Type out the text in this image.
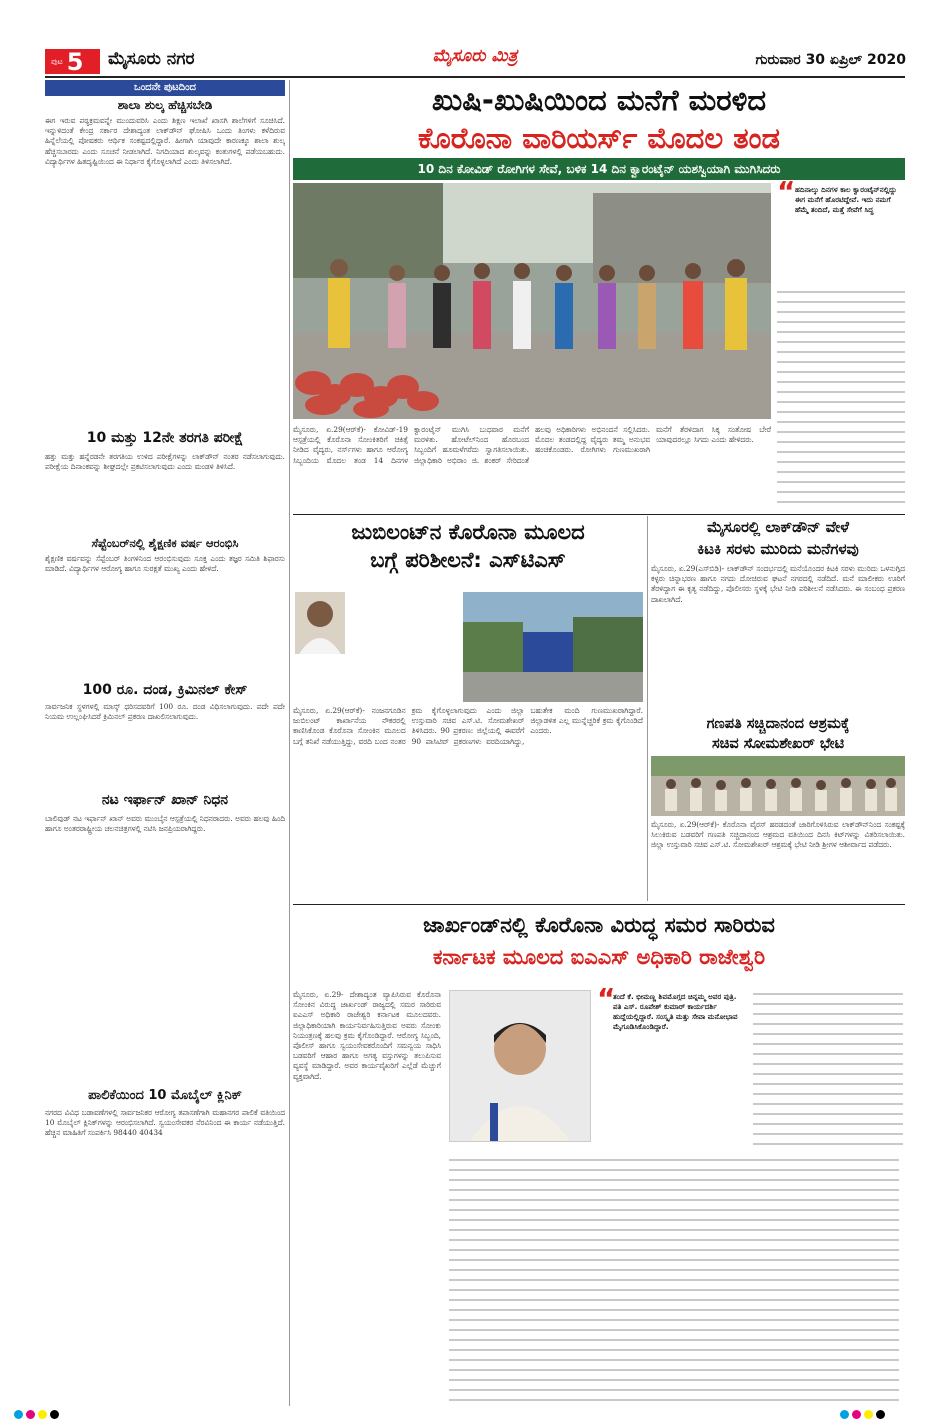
ಪುಟ 5 ಮೈಸೂರು ನಗರ	ಮೈಸೂರು ಮಿತ್ರ	ಗುರುವಾರ 30 ಏಪ್ರಿಲ್ 2020
ಒಂದನೇ ಪುಟದಿಂದ
ಶಾಲಾ ಶುಲ್ಕ ಹೆಚ್ಚಿಸಬೇಡಿ
ಈಗ ಇರುವ ಪಠ್ಯಕ್ರಮವನ್ನೇ ಮುಂದುವರಿಸಿ ಎಂದು ಶಿಕ್ಷಣ ಇಲಾಖೆ ಖಾಸಗಿ ಶಾಲೆಗಳಿಗೆ ಸೂಚಿಸಿದೆ. ಇನ್ನುಳಿದಂತೆ ಕೇಂದ್ರ ಸರ್ಕಾರ ದೇಶಾದ್ಯಂತ ಲಾಕ್‌ಡೌನ್ ಘೋಷಿಸಿ ಒಂದು ತಿಂಗಳು ಕಳೆದಿರುವ ಹಿನ್ನೆಲೆಯಲ್ಲಿ ಪೋಷಕರು ಆರ್ಥಿಕ ಸಂಕಷ್ಟದಲ್ಲಿದ್ದಾರೆ. ಹೀಗಾಗಿ ಯಾವುದೇ ಕಾರಣಕ್ಕೂ ಶಾಲಾ ಶುಲ್ಕ ಹೆಚ್ಚಿಸಬಾರದು ಎಂದು ಸೂಚನೆ ನೀಡಲಾಗಿದೆ. ನಿಗದಿಯಾದ ಶುಲ್ಕವನ್ನು ಕಂತುಗಳಲ್ಲಿ ಪಡೆಯಬಹುದು. ವಿದ್ಯಾರ್ಥಿಗಳ ಹಿತದೃಷ್ಟಿಯಿಂದ ಈ ನಿರ್ಧಾರ ಕೈಗೊಳ್ಳಲಾಗಿದೆ ಎಂದು ತಿಳಿಸಲಾಗಿದೆ.
10 ಮತ್ತು 12ನೇ ತರಗತಿ ಪರೀಕ್ಷೆ
ಹತ್ತು ಮತ್ತು ಹನ್ನೆರಡನೇ ತರಗತಿಯ ಉಳಿದ ಪರೀಕ್ಷೆಗಳನ್ನು ಲಾಕ್‌ಡೌನ್ ನಂತರ ನಡೆಸಲಾಗುವುದು. ಪರೀಕ್ಷೆಯ ದಿನಾಂಕವನ್ನು ಶೀಘ್ರದಲ್ಲೇ ಪ್ರಕಟಿಸಲಾಗುವುದು ಎಂದು ಮಂಡಳಿ ತಿಳಿಸಿದೆ.
ಸೆಪ್ಟೆಂಬರ್‌ನಲ್ಲಿ ಶೈಕ್ಷಣಿಕ ವರ್ಷ ಆರಂಭಿಸಿ
ಶೈಕ್ಷಣಿಕ ವರ್ಷವನ್ನು ಸೆಪ್ಟೆಂಬರ್ ತಿಂಗಳಿನಿಂದ ಆರಂಭಿಸುವುದು ಸೂಕ್ತ ಎಂದು ತಜ್ಞರ ಸಮಿತಿ ಶಿಫಾರಸು ಮಾಡಿದೆ. ವಿದ್ಯಾರ್ಥಿಗಳ ಆರೋಗ್ಯ ಹಾಗೂ ಸುರಕ್ಷತೆ ಮುಖ್ಯ ಎಂದು ಹೇಳಿದೆ.
100 ರೂ. ದಂಡ, ಕ್ರಿಮಿನಲ್ ಕೇಸ್
ಸಾರ್ವಜನಿಕ ಸ್ಥಳಗಳಲ್ಲಿ ಮಾಸ್ಕ್ ಧರಿಸದವರಿಗೆ 100 ರೂ. ದಂಡ ವಿಧಿಸಲಾಗುವುದು. ಪದೇ ಪದೇ ನಿಯಮ ಉಲ್ಲಂಘಿಸಿದರೆ ಕ್ರಿಮಿನಲ್ ಪ್ರಕರಣ ದಾಖಲಿಸಲಾಗುವುದು.
ನಟ ಇರ್ಫಾನ್ ಖಾನ್ ನಿಧನ
ಬಾಲಿವುಡ್ ನಟ ಇರ್ಫಾನ್ ಖಾನ್ ಅವರು ಮುಂಬೈನ ಆಸ್ಪತ್ರೆಯಲ್ಲಿ ನಿಧನರಾದರು. ಅವರು ಹಲವು ಹಿಂದಿ ಹಾಗೂ ಅಂತರರಾಷ್ಟ್ರೀಯ ಚಲನಚಿತ್ರಗಳಲ್ಲಿ ನಟಿಸಿ ಜನಪ್ರಿಯರಾಗಿದ್ದರು.
ಪಾಲಿಕೆಯಿಂದ 10 ಮೊಬೈಲ್ ಕ್ಲಿನಿಕ್
ನಗರದ ವಿವಿಧ ಬಡಾವಣೆಗಳಲ್ಲಿ ಸಾರ್ವಜನಿಕರ ಆರೋಗ್ಯ ತಪಾಸಣೆಗಾಗಿ ಮಹಾನಗರ ಪಾಲಿಕೆ ವತಿಯಿಂದ 10 ಮೊಬೈಲ್ ಕ್ಲಿನಿಕ್‌ಗಳನ್ನು ಆರಂಭಿಸಲಾಗಿದೆ. ಸ್ವಯಂಸೇವಕರ ನೆರವಿನಿಂದ ಈ ಕಾರ್ಯ ನಡೆಯುತ್ತಿದೆ. ಹೆಚ್ಚಿನ ಮಾಹಿತಿಗೆ ಸಂಪರ್ಕಿಸಿ 98440 40434
ಖುಷಿ-ಖುಷಿಯಿಂದ ಮನೆಗೆ ಮರಳಿದ
ಕೊರೊನಾ ವಾರಿಯರ್ಸ್ ಮೊದಲ ತಂಡ
10 ದಿನ ಕೋವಿಡ್ ರೋಗಿಗಳ ಸೇವೆ, ಬಳಿಕ 14 ದಿನ ಕ್ವಾರಂಟೈನ್ ಯಶಸ್ವಿಯಾಗಿ ಮುಗಿಸಿದರು
“ ಹದಿನಾಲ್ಕು ದಿನಗಳ ಕಾಲ ಕ್ವಾರಂಟೈನ್‌ನಲ್ಲಿದ್ದು ಈಗ ಮನೆಗೆ ಹೊರಟಿದ್ದೇವೆ. ಇದು ನಮಗೆ ಹೆಮ್ಮೆ ತಂದಿದೆ, ಮತ್ತೆ ಸೇವೆಗೆ ಸಿದ್ಧ
ಮೈಸೂರು, ಏ.29(ಆರ್‌ಕೆ)- ಕೋವಿಡ್-19 ಆಸ್ಪತ್ರೆಯಲ್ಲಿ ಕೊರೊನಾ ಸೋಂಕಿತರಿಗೆ ಚಿಕಿತ್ಸೆ ನೀಡಿದ ವೈದ್ಯರು, ನರ್ಸ್‌ಗಳು ಹಾಗೂ ಆರೋಗ್ಯ ಸಿಬ್ಬಂದಿಯ ಮೊದಲ ತಂಡ 14 ದಿನಗಳ ಕ್ವಾರಂಟೈನ್ ಮುಗಿಸಿ ಬುಧವಾರ ಮನೆಗೆ ಮರಳಿತು. ಹೋಟೆಲ್‌ನಿಂದ ಹೊರಬಂದ ಸಿಬ್ಬಂದಿಗೆ ಹೂಮಳೆಗರೆದು ಸ್ವಾಗತಿಸಲಾಯಿತು. ಜಿಲ್ಲಾಧಿಕಾರಿ ಅಭಿರಾಂ ಜಿ. ಶಂಕರ್ ಸೇರಿದಂತೆ ಹಲವು ಅಧಿಕಾರಿಗಳು ಅಭಿನಂದನೆ ಸಲ್ಲಿಸಿದರು. ಮೊದಲ ತಂಡದಲ್ಲಿದ್ದ ವೈದ್ಯರು ತಮ್ಮ ಅನುಭವ ಹಂಚಿಕೊಂಡರು. ರೋಗಿಗಳು ಗುಣಮುಖರಾಗಿ ಮನೆಗೆ ತೆರಳಿದಾಗ ಸಿಕ್ಕ ಸಂತೋಷ ಬೇರೆ ಯಾವುದರಲ್ಲೂ ಸಿಗದು ಎಂದು ಹೇಳಿದರು.
ಜುಬಿಲಂಟ್‌ನ ಕೊರೊನಾ ಮೂಲದ
ಬಗ್ಗೆ ಪರಿಶೀಲನೆ: ಎಸ್‌ಟಿಎಸ್
ಮೈಸೂರು, ಏ.29(ಆರ್‌ಕೆ)- ನಂಜನಗೂಡಿನ ಜುಬಿಲಂಟ್ ಕಾರ್ಖಾನೆಯ ನೌಕರರಲ್ಲಿ ಕಾಣಿಸಿಕೊಂಡ ಕೊರೊನಾ ಸೋಂಕಿನ ಮೂಲದ ಬಗ್ಗೆ ತನಿಖೆ ನಡೆಯುತ್ತಿದ್ದು, ವರದಿ ಬಂದ ನಂತರ ಕ್ರಮ ಕೈಗೊಳ್ಳಲಾಗುವುದು ಎಂದು ಜಿಲ್ಲಾ ಉಸ್ತುವಾರಿ ಸಚಿವ ಎಸ್.ಟಿ. ಸೋಮಶೇಖರ್ ತಿಳಿಸಿದರು. 90 ಪ್ರಕರಣ: ಜಿಲ್ಲೆಯಲ್ಲಿ ಈವರೆಗೆ 90 ಪಾಸಿಟಿವ್ ಪ್ರಕರಣಗಳು ವರದಿಯಾಗಿದ್ದು, ಬಹುತೇಕ ಮಂದಿ ಗುಣಮುಖರಾಗಿದ್ದಾರೆ. ಜಿಲ್ಲಾಡಳಿತ ಎಲ್ಲ ಮುನ್ನೆಚ್ಚರಿಕೆ ಕ್ರಮ ಕೈಗೊಂಡಿದೆ ಎಂದರು.
ಮೈಸೂರಲ್ಲಿ ಲಾಕ್‌ಡೌನ್ ವೇಳೆ
ಕಿಟಕಿ ಸರಳು ಮುರಿದು ಮನೆಗಳವು
ಮೈಸೂರು, ಏ.29(ಎಸ್‌ಬಿಡಿ)- ಲಾಕ್‌ಡೌನ್ ಸಂದರ್ಭದಲ್ಲಿ ಮನೆಯೊಂದರ ಕಿಟಕಿ ಸರಳು ಮುರಿದು ಒಳನುಗ್ಗಿದ ಕಳ್ಳರು ಚಿನ್ನಾಭರಣ ಹಾಗೂ ನಗದು ದೋಚಿರುವ ಘಟನೆ ನಗರದಲ್ಲಿ ನಡೆದಿದೆ. ಮನೆ ಮಾಲೀಕರು ಊರಿಗೆ ತೆರಳಿದ್ದಾಗ ಈ ಕೃತ್ಯ ನಡೆದಿದ್ದು, ಪೊಲೀಸರು ಸ್ಥಳಕ್ಕೆ ಭೇಟಿ ನೀಡಿ ಪರಿಶೀಲನೆ ನಡೆಸಿದರು. ಈ ಸಂಬಂಧ ಪ್ರಕರಣ ದಾಖಲಾಗಿದೆ.
ಗಣಪತಿ ಸಚ್ಚಿದಾನಂದ ಆಶ್ರಮಕ್ಕೆ
ಸಚಿವ ಸೋಮಶೇಖರ್ ಭೇಟಿ
ಮೈಸೂರು, ಏ.29(ಆರ್‌ಕೆ)- ಕೊರೊನಾ ವೈರಸ್ ಹರಡದಂತೆ ಜಾರಿಗೊಳಿಸಿರುವ ಲಾಕ್‌ಡೌನ್‌ನಿಂದ ಸಂಕಷ್ಟಕ್ಕೆ ಸಿಲುಕಿರುವ ಬಡವರಿಗೆ ಗಣಪತಿ ಸಚ್ಚಿದಾನಂದ ಆಶ್ರಮದ ವತಿಯಿಂದ ದಿನಸಿ ಕಿಟ್‌ಗಳನ್ನು ವಿತರಿಸಲಾಯಿತು. ಜಿಲ್ಲಾ ಉಸ್ತುವಾರಿ ಸಚಿವ ಎಸ್.ಟಿ. ಸೋಮಶೇಖರ್ ಆಶ್ರಮಕ್ಕೆ ಭೇಟಿ ನೀಡಿ ಶ್ರೀಗಳ ಆಶೀರ್ವಾದ ಪಡೆದರು.
ಜಾರ್ಖಂಡ್‌ನಲ್ಲಿ ಕೊರೊನಾ ವಿರುದ್ಧ ಸಮರ ಸಾರಿರುವ
ಕರ್ನಾಟಕ ಮೂಲದ ಐಎಎಸ್ ಅಧಿಕಾರಿ ರಾಜೇಶ್ವರಿ
ಮೈಸೂರು, ಏ.29- ದೇಶಾದ್ಯಂತ ವ್ಯಾಪಿಸಿರುವ ಕೊರೊನಾ ಸೋಂಕಿನ ವಿರುದ್ಧ ಜಾರ್ಖಂಡ್ ರಾಜ್ಯದಲ್ಲಿ ಸಮರ ಸಾರಿರುವ ಐಎಎಸ್ ಅಧಿಕಾರಿ ರಾಜೇಶ್ವರಿ ಕರ್ನಾಟಕ ಮೂಲದವರು. ಜಿಲ್ಲಾಧಿಕಾರಿಯಾಗಿ ಕಾರ್ಯನಿರ್ವಹಿಸುತ್ತಿರುವ ಅವರು ಸೋಂಕು ನಿಯಂತ್ರಣಕ್ಕೆ ಹಲವು ಕ್ರಮ ಕೈಗೊಂಡಿದ್ದಾರೆ. ಆರೋಗ್ಯ ಸಿಬ್ಬಂದಿ, ಪೊಲೀಸ್ ಹಾಗೂ ಸ್ವಯಂಸೇವಕರೊಂದಿಗೆ ಸಮನ್ವಯ ಸಾಧಿಸಿ ಬಡವರಿಗೆ ಆಹಾರ ಹಾಗೂ ಅಗತ್ಯ ವಸ್ತುಗಳನ್ನು ತಲುಪಿಸುವ ವ್ಯವಸ್ಥೆ ಮಾಡಿದ್ದಾರೆ. ಅವರ ಕಾರ್ಯವೈಖರಿಗೆ ಎಲ್ಲೆಡೆ ಮೆಚ್ಚುಗೆ ವ್ಯಕ್ತವಾಗಿದೆ.
“
ತಂದೆ ಕೆ. ಭೀಮಣ್ಣ ಶಿವಮೊಗ್ಗದ ಚಿನ್ನಮ್ಮ ಅವರ ಪುತ್ರಿ. ಪತಿ ಎಸ್. ರೂಪೇಶ್ ಕುಮಾರ್ ಕಾರ್ಯದರ್ಶಿ ಹುದ್ದೆಯಲ್ಲಿದ್ದಾರೆ. ಸಂಸ್ಕೃತಿ ಮತ್ತು ಸೇವಾ ಮನೋಭಾವ ಮೈಗೂಡಿಸಿಕೊಂಡಿದ್ದಾರೆ.
